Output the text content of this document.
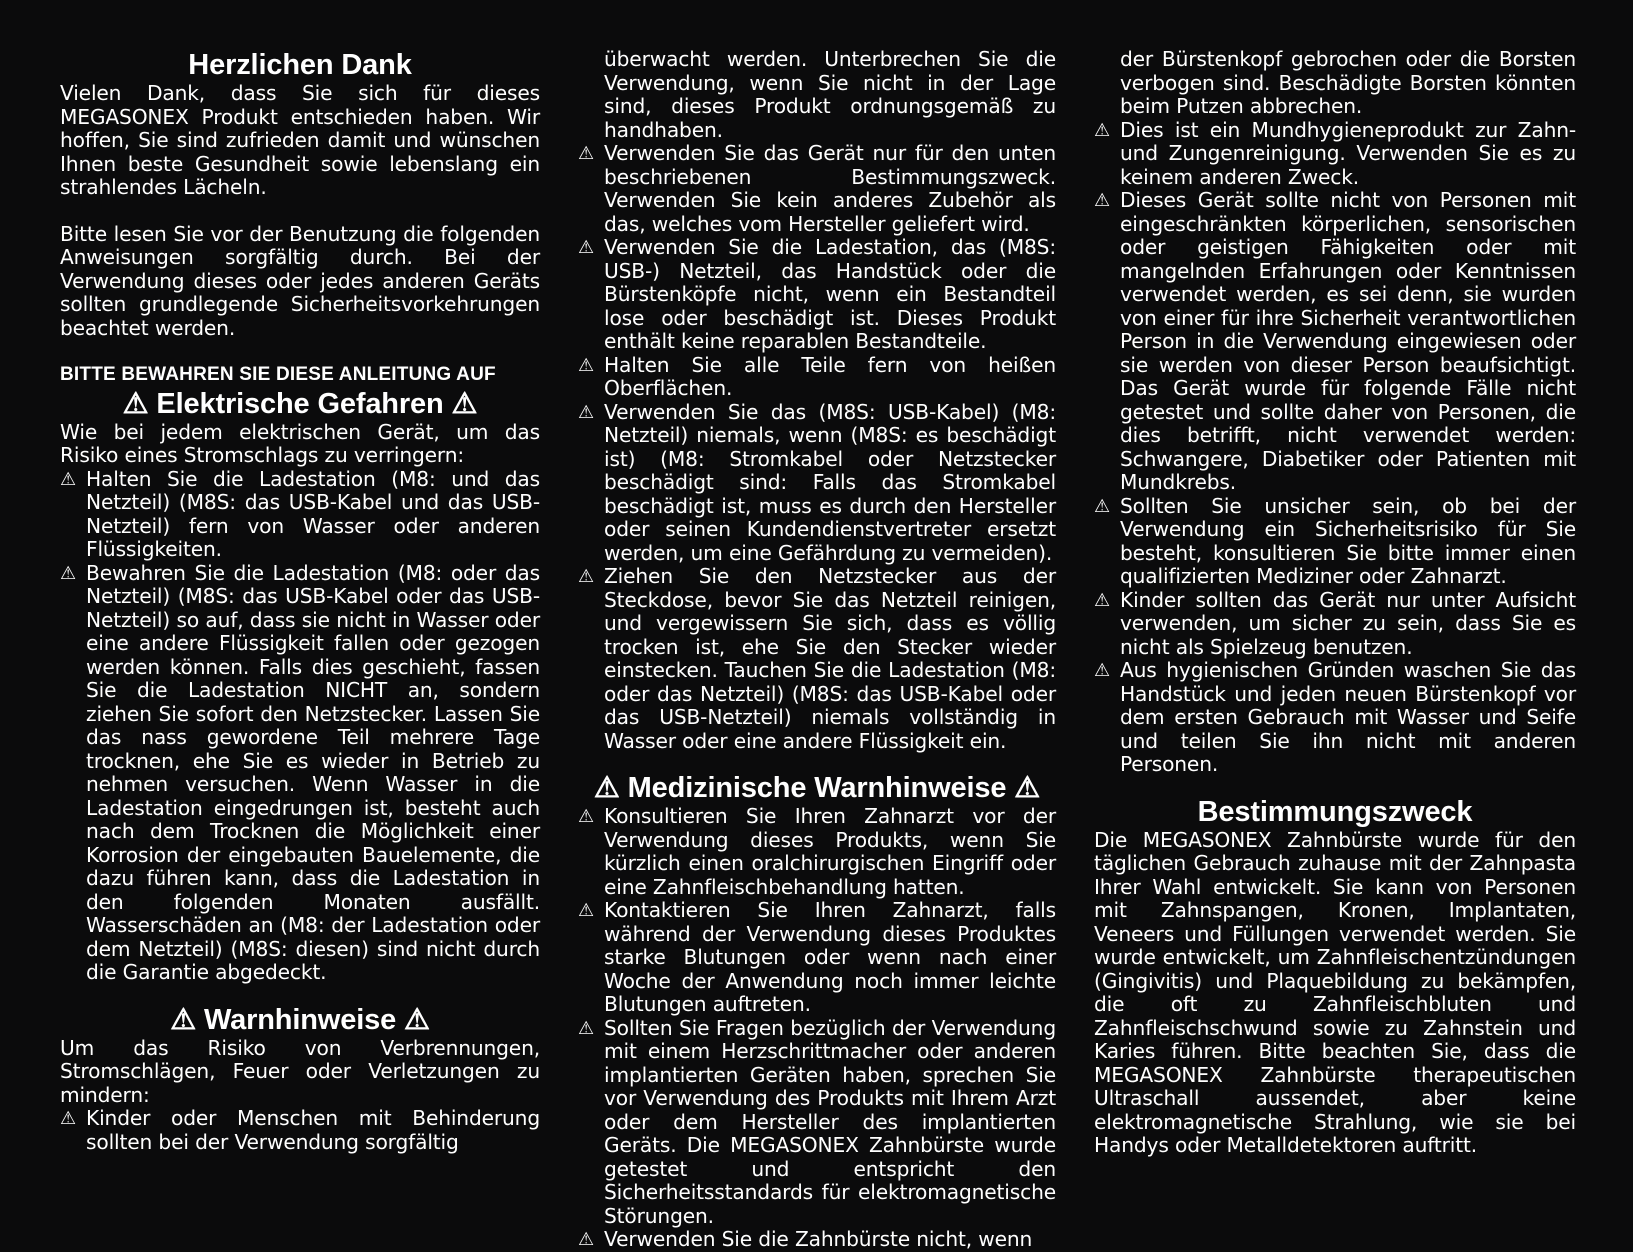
Herzlichen Dank

Vielen Dank, dass Sie sich für dieses MEGASONEX Produkt entschieden haben. Wir hoffen, Sie sind zufrieden damit und wünschen Ihnen beste Gesundheit sowie lebenslang ein strahlendes Lächeln.

Bitte lesen Sie vor der Benutzung die folgenden Anweisungen sorgfältig durch. Bei der Verwendung dieses oder jedes anderen Geräts sollten grundlegende Sicherheitsvorkehrungen beachtet werden.

BITTE BEWAHREN SIE DIESE ANLEITUNG AUF

⚠ Elektrische Gefahren ⚠

Wie bei jedem elektrischen Gerät, um das Risiko eines Stromschlags zu verringern:

⚠ Halten Sie die Ladestation (M8: und das Netzteil) (M8S: das USB-Kabel und das USB-Netzteil) fern von Wasser oder anderen Flüssigkeiten.
⚠ Bewahren Sie die Ladestation (M8: oder das Netzteil) (M8S: das USB-Kabel oder das USB-Netzteil) so auf, dass sie nicht in Wasser oder eine andere Flüssigkeit fallen oder gezogen werden können. Falls dies geschieht, fassen Sie die Ladestation NICHT an, sondern ziehen Sie sofort den Netzstecker. Lassen Sie das nass gewordene Teil mehrere Tage trocknen, ehe Sie es wieder in Betrieb zu nehmen versuchen. Wenn Wasser in die Ladestation eingedrungen ist, besteht auch nach dem Trocknen die Möglichkeit einer Korrosion der eingebauten Bauelemente, die dazu führen kann, dass die Ladestation in den folgenden Monaten ausfällt. Wasserschäden an (M8: der Ladestation oder dem Netzteil) (M8S: diesen) sind nicht durch die Garantie abgedeckt.
⚠ Warnhinweise ⚠

Um das Risiko von Verbrennungen, Stromschlägen, Feuer oder Verletzungen zu mindern:

⚠ Kinder oder Menschen mit Behinderung sollten bei der Verwendung sorgfältig

überwacht werden. Unterbrechen Sie die Verwendung, wenn Sie nicht in der Lage sind, dieses Produkt ordnungsgemäß zu handhaben.

⚠ Verwenden Sie das Gerät nur für den unten beschriebenen Bestimmungszweck. Verwenden Sie kein anderes Zubehör als das, welches vom Hersteller geliefert wird.
⚠ Verwenden Sie die Ladestation, das (M8S: USB-) Netzteil, das Handstück oder die Bürstenköpfe nicht, wenn ein Bestandteil lose oder beschädigt ist. Dieses Produkt enthält keine reparablen Bestandteile.
⚠ Halten Sie alle Teile fern von heißen Oberflächen.
⚠ Verwenden Sie das (M8S: USB-Kabel) (M8: Netzteil) niemals, wenn (M8S: es beschädigt ist) (M8: Stromkabel oder Netzstecker beschädigt sind: Falls das Stromkabel beschädigt ist, muss es durch den Hersteller oder seinen Kundendienstvertreter ersetzt werden, um eine Gefährdung zu vermeiden).
⚠ Ziehen Sie den Netzstecker aus der Steckdose, bevor Sie das Netzteil reinigen, und vergewissern Sie sich, dass es völlig trocken ist, ehe Sie den Stecker wieder einstecken. Tauchen Sie die Ladestation (M8: oder das Netzteil) (M8S: das USB-Kabel oder das USB-Netzteil) niemals vollständig in Wasser oder eine andere Flüssigkeit ein.
⚠ Medizinische Warnhinweise ⚠
⚠ Konsultieren Sie Ihren Zahnarzt vor der Verwendung dieses Produkts, wenn Sie kürzlich einen oralchirurgischen Eingriff oder eine Zahnfleischbehandlung hatten.
⚠ Kontaktieren Sie Ihren Zahnarzt, falls während der Verwendung dieses Produktes starke Blutungen oder wenn nach einer Woche der Anwendung noch immer leichte Blutungen auftreten.
⚠ Sollten Sie Fragen bezüglich der Verwendung mit einem Herzschrittmacher oder anderen implantierten Geräten haben, sprechen Sie vor Verwendung des Produkts mit Ihrem Arzt oder dem Hersteller des implantierten Geräts. Die MEGASONEX Zahnbürste wurde getestet und entspricht den Sicherheitsstandards für elektromagnetische Störungen.
⚠ Verwenden Sie die Zahnbürste nicht, wenn

der Bürstenkopf gebrochen oder die Borsten verbogen sind. Beschädigte Borsten könnten beim Putzen abbrechen.

⚠ Dies ist ein Mundhygieneprodukt zur Zahn- und Zungenreinigung. Verwenden Sie es zu keinem anderen Zweck.
⚠ Dieses Gerät sollte nicht von Personen mit eingeschränkten körperlichen, sensorischen oder geistigen Fähigkeiten oder mit mangelnden Erfahrungen oder Kenntnissen verwendet werden, es sei denn, sie wurden von einer für ihre Sicherheit verantwortlichen Person in die Verwendung eingewiesen oder sie werden von dieser Person beaufsichtigt. Das Gerät wurde für folgende Fälle nicht getestet und sollte daher von Personen, die dies betrifft, nicht verwendet werden: Schwangere, Diabetiker oder Patienten mit Mundkrebs.
⚠ Sollten Sie unsicher sein, ob bei der Verwendung ein Sicherheitsrisiko für Sie besteht, konsultieren Sie bitte immer einen qualifizierten Mediziner oder Zahnarzt.
⚠ Kinder sollten das Gerät nur unter Aufsicht verwenden, um sicher zu sein, dass Sie es nicht als Spielzeug benutzen.
⚠ Aus hygienischen Gründen waschen Sie das Handstück und jeden neuen Bürstenkopf vor dem ersten Gebrauch mit Wasser und Seife und teilen Sie ihn nicht mit anderen Personen.
Bestimmungszweck

Die MEGASONEX Zahnbürste wurde für den täglichen Gebrauch zuhause mit der Zahnpasta Ihrer Wahl entwickelt. Sie kann von Personen mit Zahnspangen, Kronen, Implantaten, Veneers und Füllungen verwendet werden. Sie wurde entwickelt, um Zahnfleischentzündungen (Gingivitis) und Plaquebildung zu bekämpfen, die oft zu Zahnfleischbluten und Zahnfleischschwund sowie zu Zahnstein und Karies führen. Bitte beachten Sie, dass die MEGASONEX Zahnbürste therapeutischen Ultraschall aussendet, aber keine elektromagnetische Strahlung, wie sie bei Handys oder Metalldetektoren auftritt.
